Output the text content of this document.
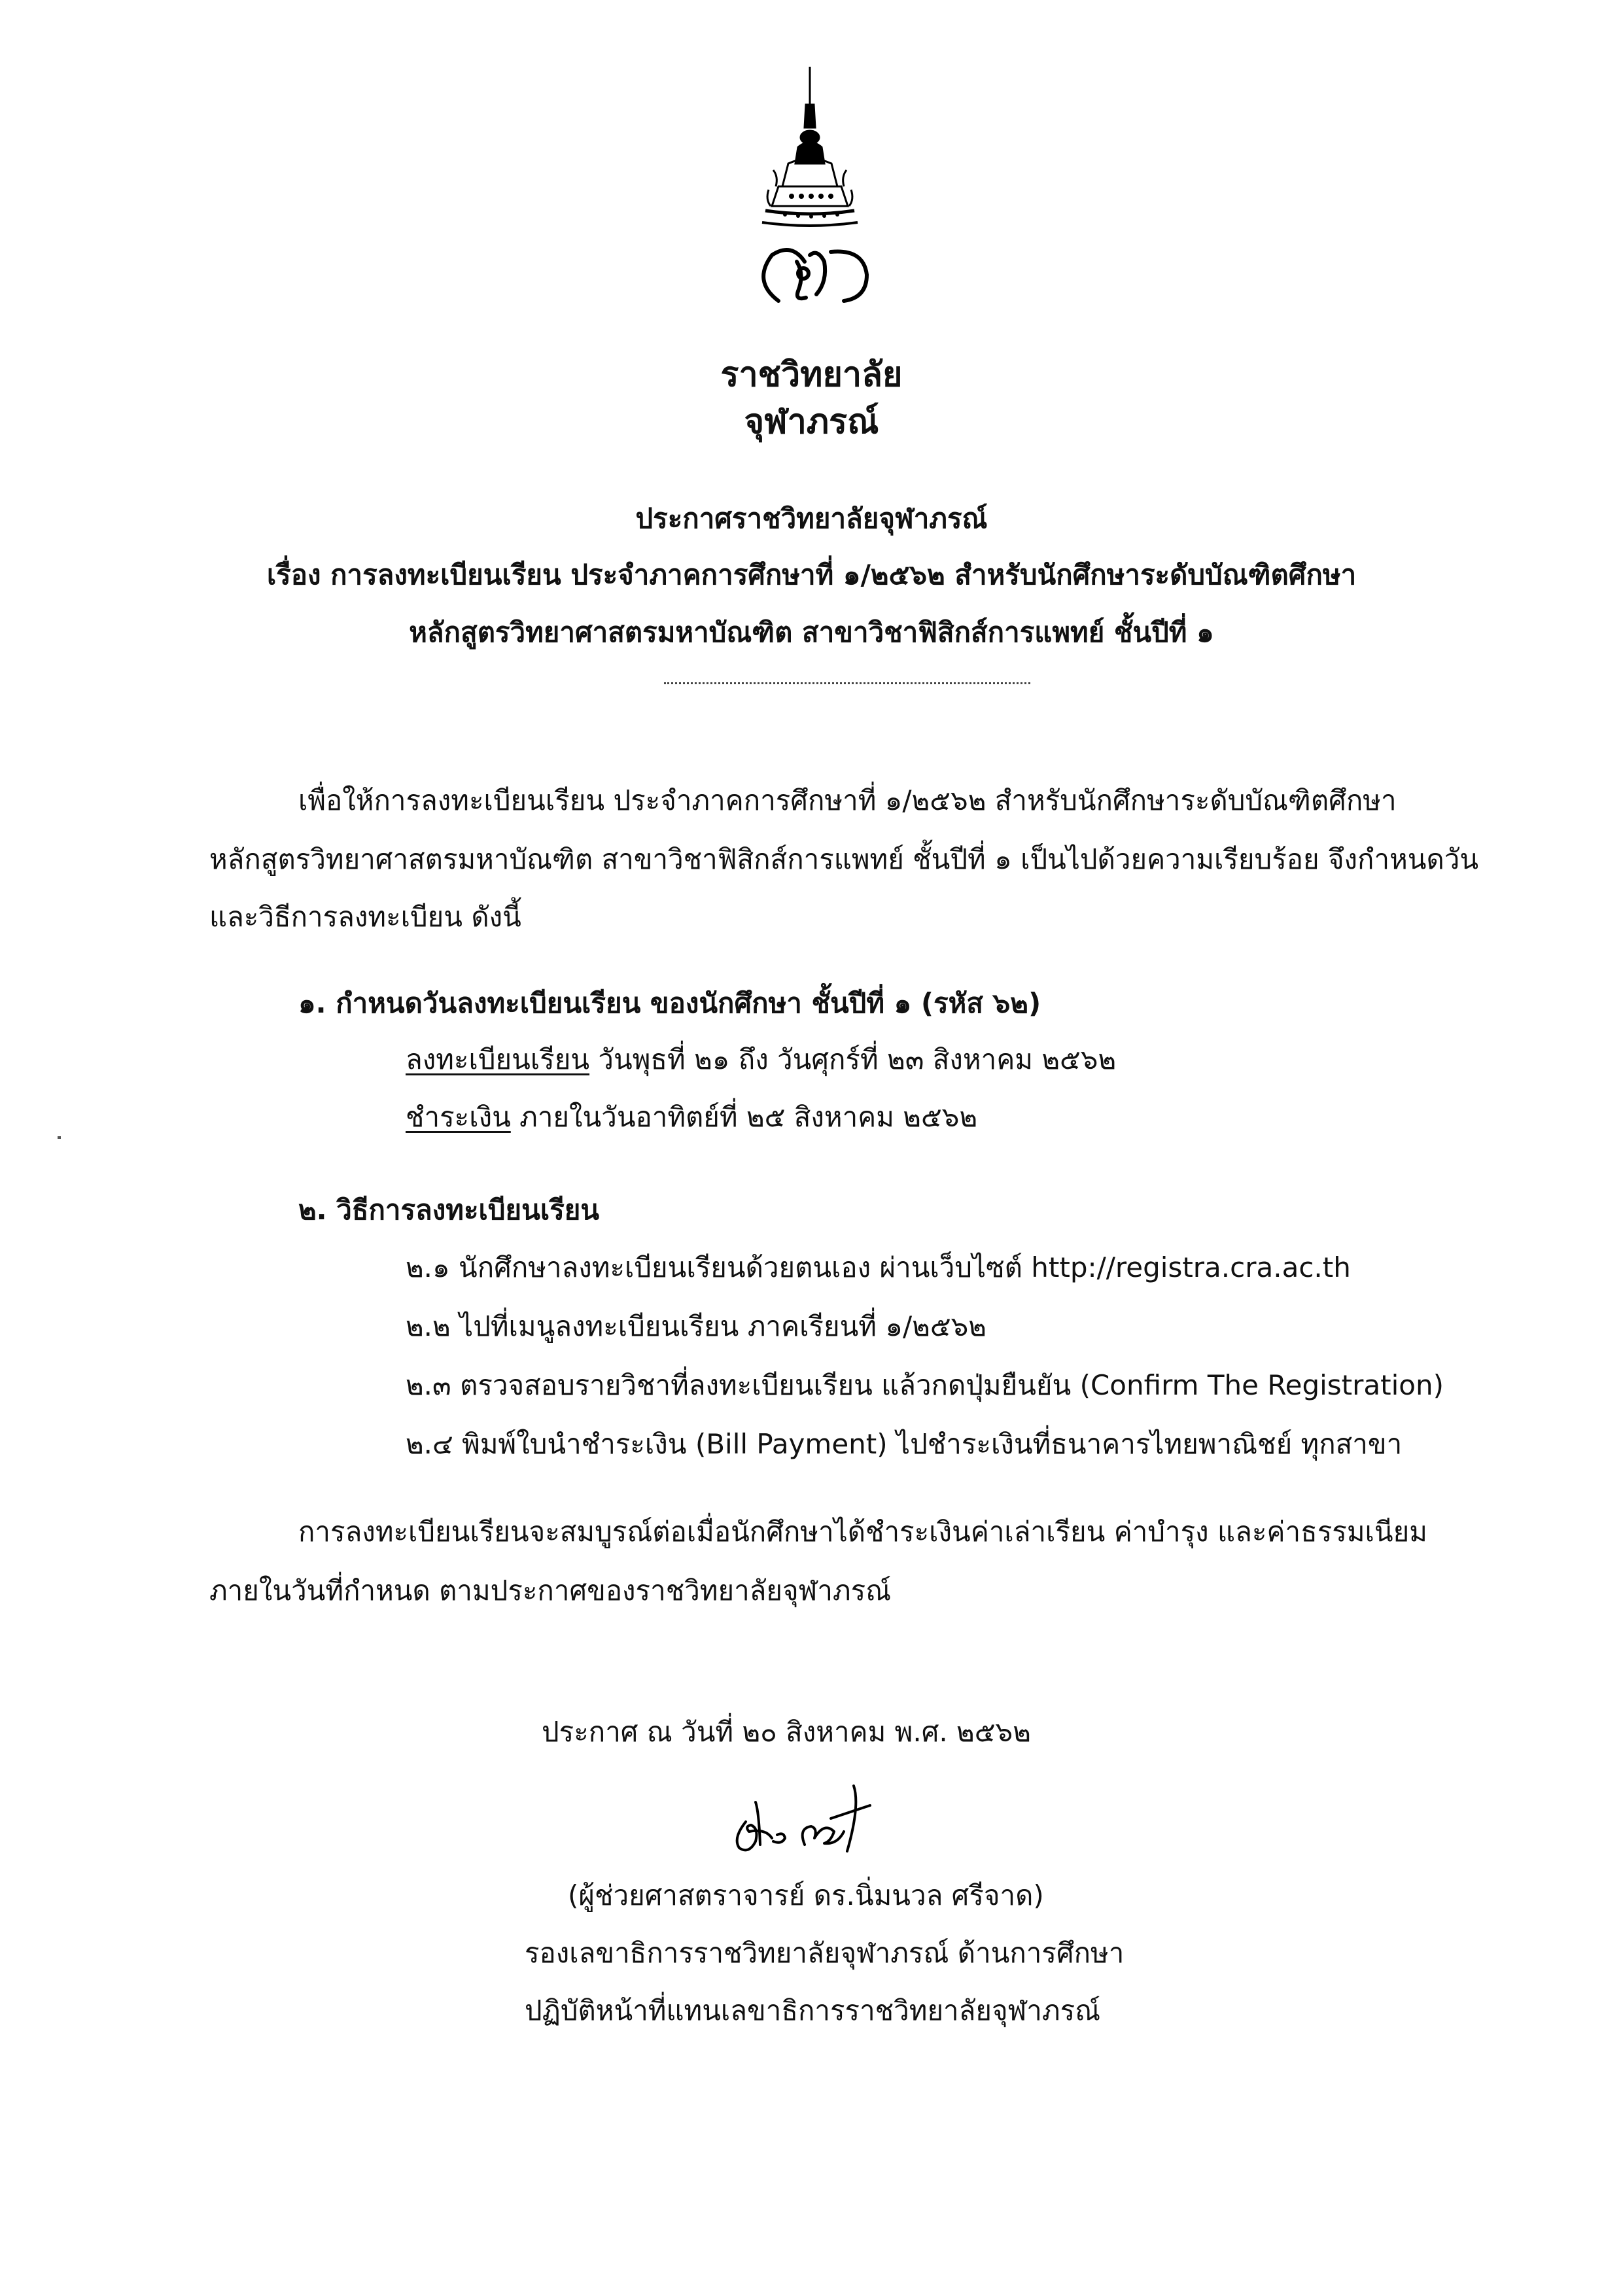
ราชวิทยาลัย
จุฬาภรณ์
ประกาศราชวิทยาลัยจุฬาภรณ์
เรื่อง การลงทะเบียนเรียน ประจำภาคการศึกษาที่ ๑/๒๕๖๒ สำหรับนักศึกษาระดับบัณฑิตศึกษา
หลักสูตรวิทยาศาสตรมหาบัณฑิต สาขาวิชาฟิสิกส์การแพทย์ ชั้นปีที่ ๑
เพื่อให้การลงทะเบียนเรียน ประจำภาคการศึกษาที่ ๑/๒๕๖๒ สำหรับนักศึกษาระดับบัณฑิตศึกษา
หลักสูตรวิทยาศาสตรมหาบัณฑิต สาขาวิชาฟิสิกส์การแพทย์ ชั้นปีที่ ๑ เป็นไปด้วยความเรียบร้อย จึงกำหนดวัน
และวิธีการลงทะเบียน ดังนี้
๑. กำหนดวันลงทะเบียนเรียน ของนักศึกษา ชั้นปีที่ ๑ (รหัส ๖๒)
ลงทะเบียนเรียน วันพุธที่ ๒๑ ถึง วันศุกร์ที่ ๒๓ สิงหาคม ๒๕๖๒
ชำระเงิน ภายในวันอาทิตย์ที่ ๒๕ สิงหาคม ๒๕๖๒
๒. วิธีการลงทะเบียนเรียน
๒.๑ นักศึกษาลงทะเบียนเรียนด้วยตนเอง ผ่านเว็บไซต์ http://registra.cra.ac.th
๒.๒ ไปที่เมนูลงทะเบียนเรียน ภาคเรียนที่ ๑/๒๕๖๒
๒.๓ ตรวจสอบรายวิชาที่ลงทะเบียนเรียน แล้วกดปุ่มยืนยัน (Confirm The Registration)
๒.๔ พิมพ์ใบนำชำระเงิน (Bill Payment) ไปชำระเงินที่ธนาคารไทยพาณิชย์ ทุกสาขา
การลงทะเบียนเรียนจะสมบูรณ์ต่อเมื่อนักศึกษาได้ชำระเงินค่าเล่าเรียน ค่าบำรุง และค่าธรรมเนียม
ภายในวันที่กำหนด ตามประกาศของราชวิทยาลัยจุฬาภรณ์
ประกาศ ณ วันที่ ๒๐ สิงหาคม พ.ศ. ๒๕๖๒
(ผู้ช่วยศาสตราจารย์ ดร.นิ่มนวล ศรีจาด)
รองเลขาธิการราชวิทยาลัยจุฬาภรณ์ ด้านการศึกษา
ปฏิบัติหน้าที่แทนเลขาธิการราชวิทยาลัยจุฬาภรณ์
